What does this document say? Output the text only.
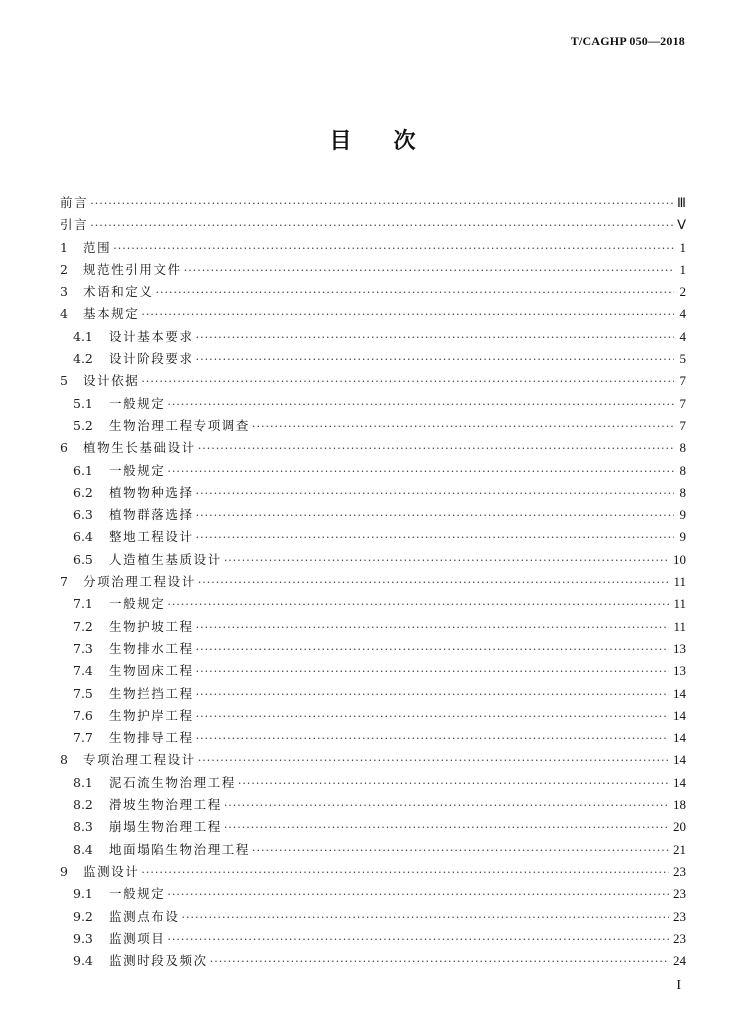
T/CAGHP 050—2018
目 次
前言 ·····	Ⅲ
引言 ·····	Ⅴ
1	范围 ·····	1
2	规范性引用文件 ·····	1
3	术语和定义 ·····	2
4	基本规定 ·····	4
4.1	设计基本要求 ·····	4
4.2	设计阶段要求 ·····	5
5	设计依据 ·····	7
5.1	一般规定 ·····	7
5.2	生物治理工程专项调查 ·····	7
6	植物生长基础设计 ·····	8
6.1	一般规定 ·····	8
6.2	植物物种选择 ·····	8
6.3	植物群落选择 ·····	9
6.4	整地工程设计 ·····	9
6.5	人造植生基质设计 ·····	10
7	分项治理工程设计 ·····	11
7.1	一般规定 ·····	11
7.2	生物护坡工程 ·····	11
7.3	生物排水工程 ·····	13
7.4	生物固床工程 ·····	13
7.5	生物拦挡工程 ·····	14
7.6	生物护岸工程 ·····	14
7.7	生物排导工程 ·····	14
8	专项治理工程设计 ·····	14
8.1	泥石流生物治理工程 ·····	14
8.2	滑坡生物治理工程 ·····	18
8.3	崩塌生物治理工程 ·····	20
8.4	地面塌陷生物治理工程 ·····	21
9	监测设计 ·····	23
9.1	一般规定 ·····	23
9.2	监测点布设 ·····	23
9.3	监测项目 ·····	23
9.4	监测时段及频次 ·····	24
I
